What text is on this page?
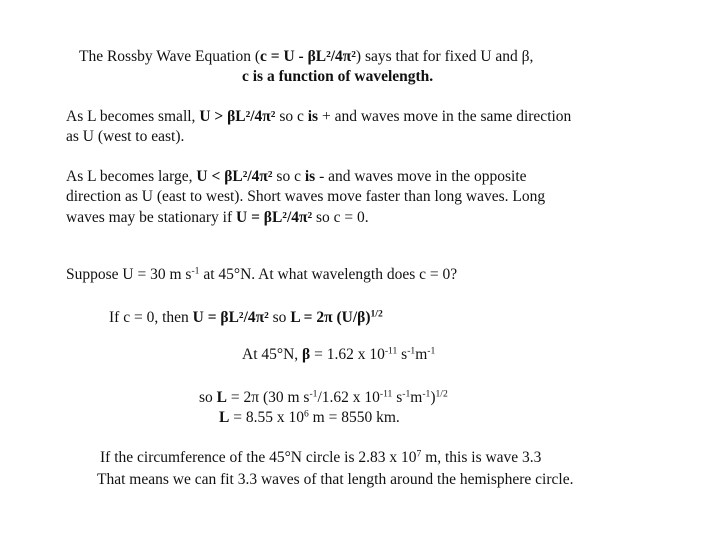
The Rossby Wave Equation (c = U - βL²/4π²) says that for fixed U and β,
c is a function of wavelength.
As L becomes small, U > βL²/4π² so c is + and waves move in the same direction
as U (west to east).
As L becomes large, U < βL²/4π² so c is - and waves move in the opposite
direction as U (east to west). Short waves move faster than long waves. Long
waves may be stationary if U = βL²/4π² so c = 0.
Suppose U = 30 m $s^{-1}$ at 45°N. At what wavelength does c = 0?
If c = 0, then U = βL²/4π² so L = 2π $(U/\beta)^{1/2}$
At 45°N, β = 1.62 x $10^{-11}$ $s^{-1}m^{-1}$
so L = 2π (30 m $s^{-1}/1.62$ x $10^{-11}$ $s^{-1}m^{-1})^{1/2}$
L = 8.55 x $10^6$ m = 8550 km.
If the circumference of the 45°N circle is 2.83 x $10^7$ m, this is wave 3.3
That means we can fit 3.3 waves of that length around the hemisphere circle.
